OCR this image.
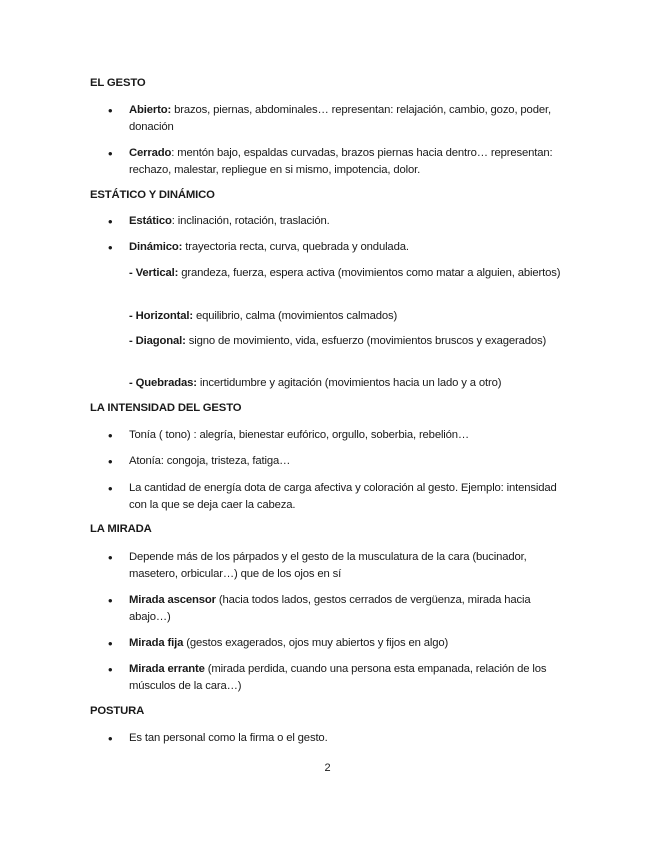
EL GESTO
• Abierto: brazos, piernas, abdominales… representan: relajación, cambio, gozo, poder, donación
• Cerrado: mentón bajo, espaldas curvadas, brazos piernas hacia dentro… representan: rechazo, malestar, repliegue en si mismo, impotencia, dolor.
ESTÁTICO Y DINÁMICO
• Estático: inclinación, rotación, traslación.
• Dinámico: trayectoria recta, curva, quebrada y ondulada.
- Vertical: grandeza, fuerza, espera activa (movimientos como matar a alguien, abiertos)
- Horizontal: equilibrio, calma (movimientos calmados)
- Diagonal: signo de movimiento, vida, esfuerzo (movimientos bruscos y exagerados)
- Quebradas: incertidumbre y agitación (movimientos hacia un lado y a otro)
LA INTENSIDAD DEL GESTO
• Tonía ( tono) : alegría, bienestar eufórico, orgullo, soberbia, rebelión…
• Atonía: congoja, tristeza, fatiga…
• La cantidad de energía dota de carga afectiva y coloración al gesto. Ejemplo: intensidad con la que se deja caer la cabeza.
LA MIRADA
• Depende más de los párpados y el gesto de la musculatura de la cara (bucinador, masetero, orbicular…) que de los ojos en sí
• Mirada ascensor (hacia todos lados, gestos cerrados de vergüenza, mirada hacia abajo…)
• Mirada fija (gestos exagerados, ojos muy abiertos y fijos en algo)
• Mirada errante (mirada perdida, cuando una persona esta empanada, relación de los músculos de la cara…)
POSTURA
• Es tan personal como la firma o el gesto.
2
